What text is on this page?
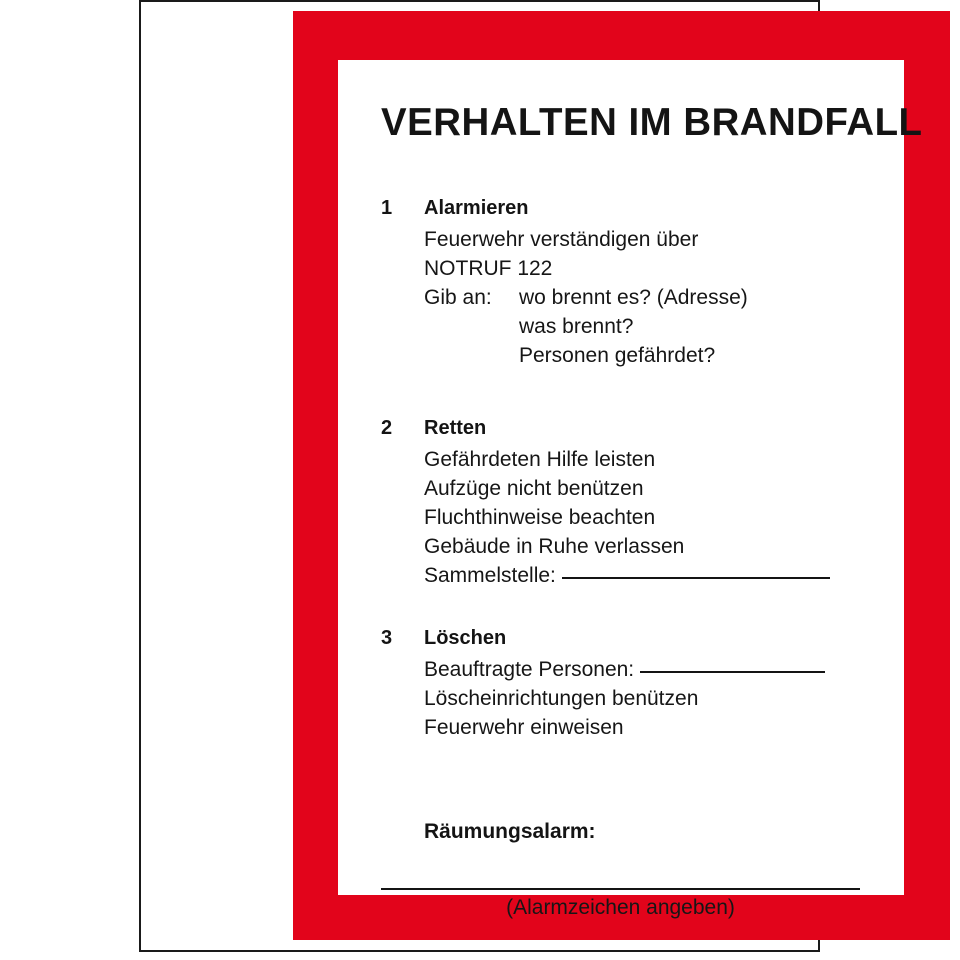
VERHALTEN IM BRANDFALL
1 Alarmieren
Feuerwehr verständigen über
NOTRUF 122
Gib an: wo brennt es? (Adresse)
was brennt?
Personen gefährdet?
2 Retten
Gefährdeten Hilfe leisten
Aufzüge nicht benützen
Fluchthinweise beachten
Gebäude in Ruhe verlassen
Sammelstelle:
3 Löschen
Beauftragte Personen:
Löscheinrichtungen benützen
Feuerwehr einweisen
Räumungsalarm:
(Alarmzeichen angeben)
